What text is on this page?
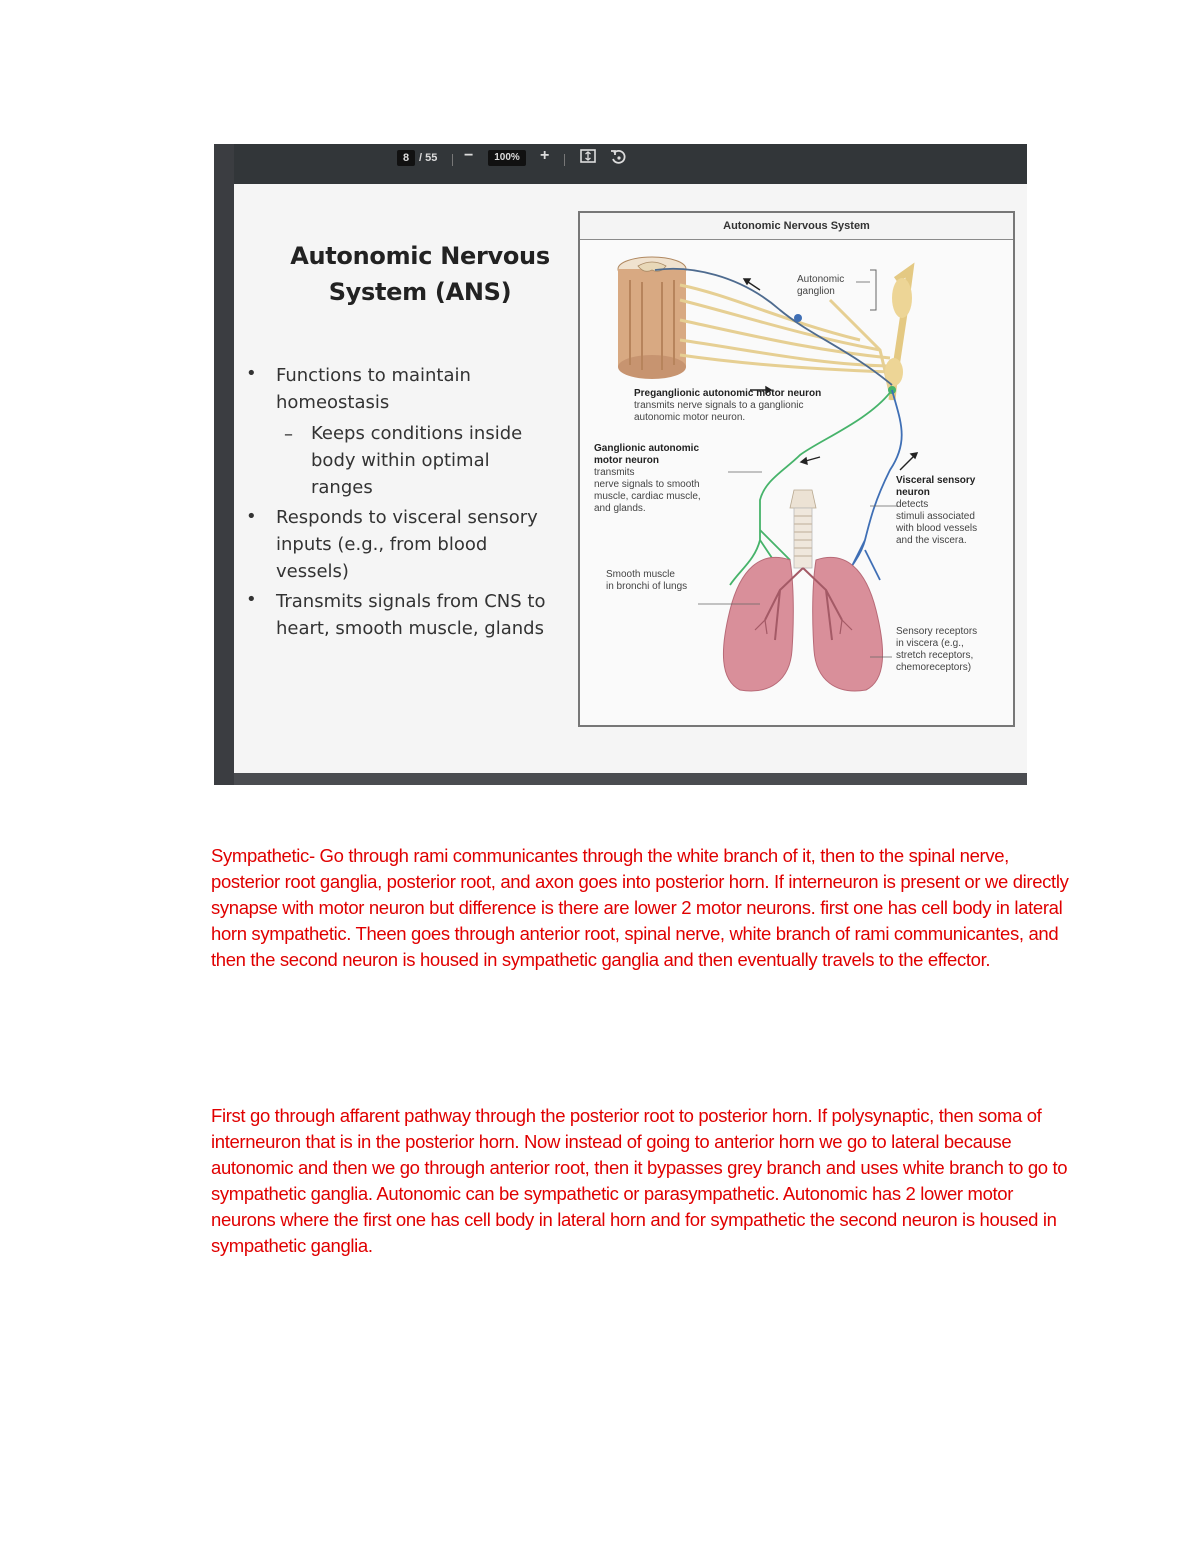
8 / 55 −	100%	+
Autonomic Nervous
System (ANS)
• Functions to maintain
homeostasis
– Keeps conditions inside
body within optimal
ranges
• Responds to visceral sensory
inputs (e.g., from blood
vessels)
• Transmits signals from CNS to
heart, smooth muscle, glands
Autonomic Nervous System
Autonomic
ganglion
Preganglionic autonomic motor neuron
transmits nerve signals to a ganglionic
autonomic motor neuron.
Ganglionic autonomic
motor neuron
transmits
nerve signals to smooth
muscle, cardiac muscle,
and glands.
Visceral sensory
neuron
detects
stimuli associated
with blood vessels
and the viscera.
Smooth muscle
in bronchi of lungs
Sensory receptors
in viscera (e.g.,
stretch receptors,
chemoreceptors)
Sympathetic- Go through rami communicantes through the white branch of it, then to the spinal nerve, posterior root ganglia, posterior root, and axon goes into posterior horn. If interneuron is present or we directly synapse with motor neuron but difference is there are lower 2 motor neurons. first one has cell body in lateral horn sympathetic. Theen goes through anterior root, spinal nerve, white branch of rami communicantes, and then the second neuron is housed in sympathetic ganglia and then eventually travels to the effector.
First go through affarent pathway through the posterior root to posterior horn. If polysynaptic, then soma of interneuron that is in the posterior horn. Now instead of going to anterior horn we go to lateral because autonomic and then we go through anterior root, then it bypasses grey branch and uses white branch to go to sympathetic ganglia. Autonomic can be sympathetic or parasympathetic. Autonomic has 2 lower motor neurons where the first one has cell body in lateral horn and for sympathetic the second neuron is housed in sympathetic ganglia.
